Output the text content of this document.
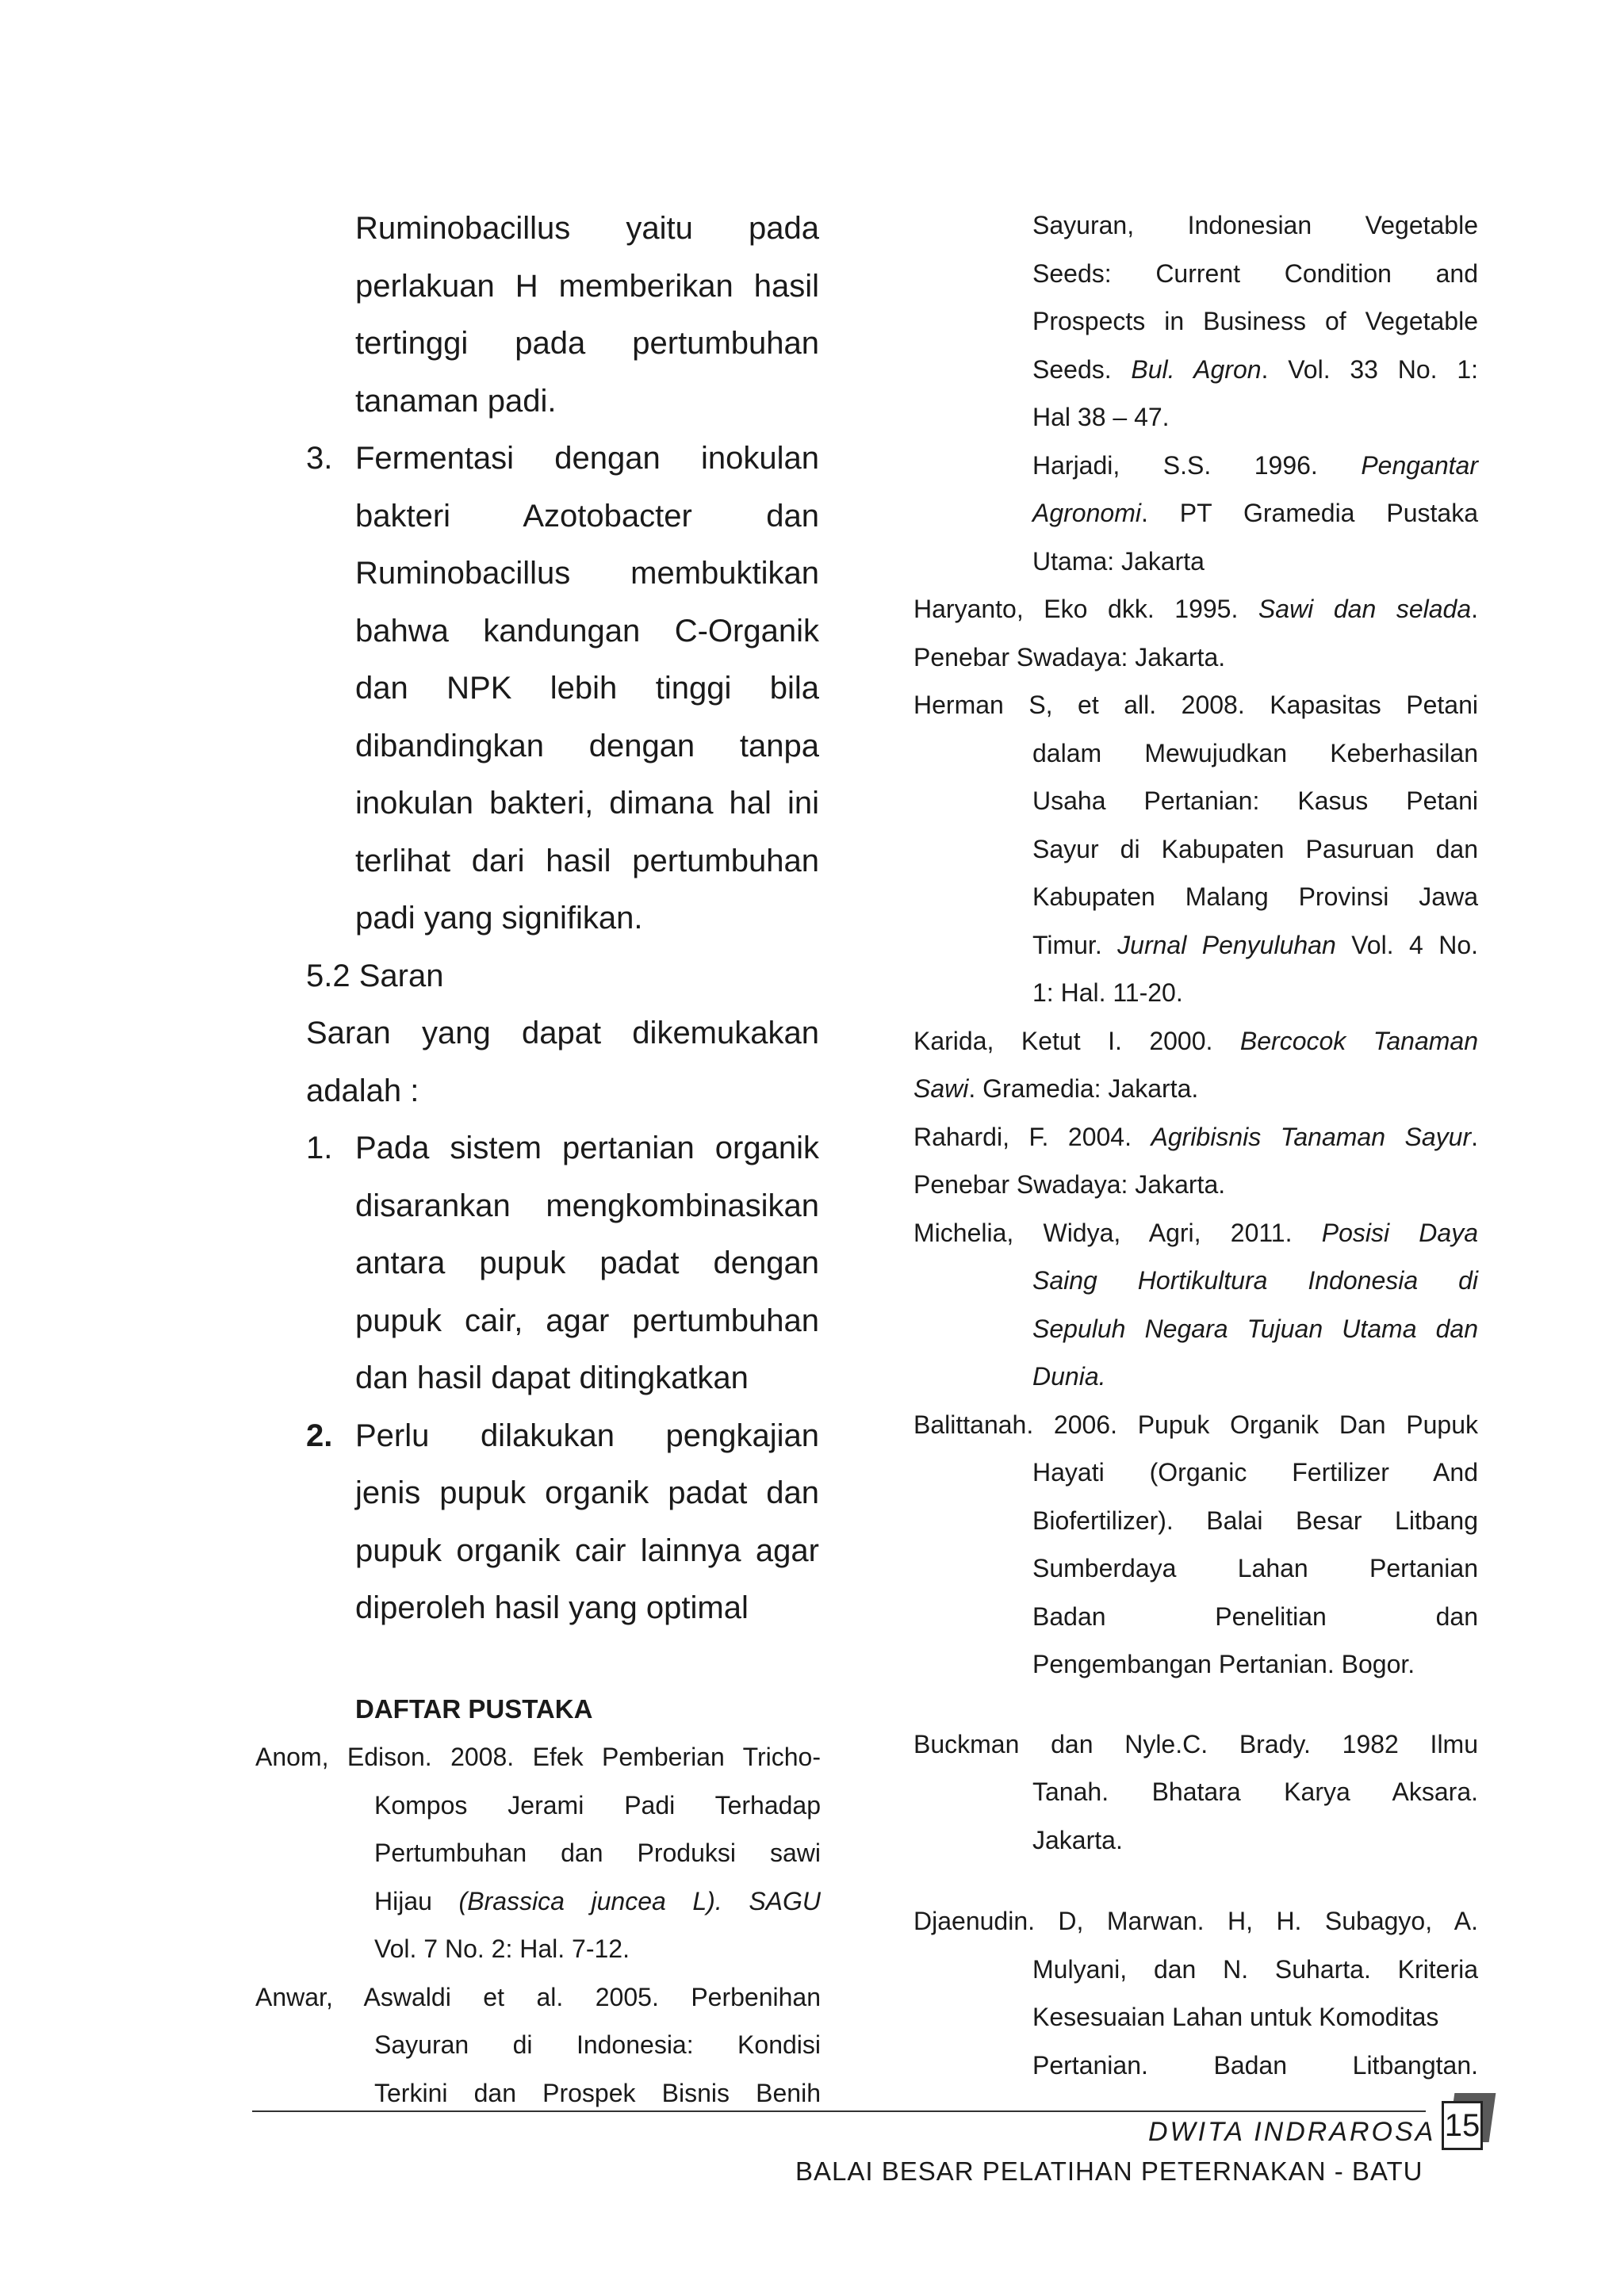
Ruminobacillus yaitu pada

perlakuan H memberikan hasil

tertinggi pada pertumbuhan

tanaman padi.

3. Fermentasi dengan inokulan

bakteri Azotobacter dan

Ruminobacillus membuktikan

bahwa kandungan C-Organik

dan NPK lebih tinggi bila

dibandingkan dengan tanpa

inokulan bakteri, dimana hal ini

terlihat dari hasil pertumbuhan

padi yang signifikan.

5.2 Saran

Saran yang dapat dikemukakan

adalah :

1. Pada sistem pertanian organik

disarankan mengkombinasikan

antara pupuk padat dengan

pupuk cair, agar pertumbuhan

dan hasil dapat ditingkatkan

2. Perlu dilakukan pengkajian

jenis pupuk organik padat dan

pupuk organik cair lainnya agar

diperoleh hasil yang optimal

DAFTAR PUSTAKA

Anom, Edison. 2008. Efek Pemberian Tricho-
Kompos Jerami Padi Terhadap
Pertumbuhan dan Produksi sawi
Hijau (Brassica juncea L). SAGU
Vol. 7 No. 2: Hal. 7-12.

Anwar, Aswaldi et al. 2005. Perbenihan
Sayuran di Indonesia: Kondisi
Terkini dan Prospek Bisnis Benih

Sayuran, Indonesian Vegetable
Seeds: Current Condition and
Prospects in Business of Vegetable
Seeds. Bul. Agron. Vol. 33 No. 1:
Hal 38 – 47.

Harjadi, S.S. 1996. Pengantar
Agronomi. PT Gramedia Pustaka
Utama: Jakarta

Haryanto, Eko dkk. 1995. Sawi dan selada.
Penebar Swadaya: Jakarta.

Herman S, et all. 2008. Kapasitas Petani
dalam Mewujudkan Keberhasilan
Usaha Pertanian: Kasus Petani
Sayur di Kabupaten Pasuruan dan
Kabupaten Malang Provinsi Jawa
Timur. Jurnal Penyuluhan Vol. 4 No.
1: Hal. 11-20.

Karida, Ketut I. 2000. Bercocok Tanaman
Sawi. Gramedia: Jakarta.

Rahardi, F. 2004. Agribisnis Tanaman Sayur.
Penebar Swadaya: Jakarta.

Michelia, Widya, Agri, 2011. Posisi Daya
Saing Hortikultura Indonesia di
Sepuluh Negara Tujuan Utama dan
Dunia.

Balittanah. 2006. Pupuk Organik Dan Pupuk
Hayati (Organic Fertilizer And
Biofertilizer). Balai Besar Litbang
Sumberdaya Lahan Pertanian
Badan Penelitian dan
Pengembangan Pertanian. Bogor.

Buckman dan Nyle.C. Brady. 1982 Ilmu
Tanah. Bhatara Karya Aksara.
Jakarta.

Djaenudin. D, Marwan. H, H. Subagyo, A.
Mulyani, dan N. Suharta. Kriteria
Kesesuaian Lahan untuk Komoditas
Pertanian. Badan Litbangtan.

DWITA INDRAROSA 15
BALAI BESAR PELATIHAN PETERNAKAN - BATU
